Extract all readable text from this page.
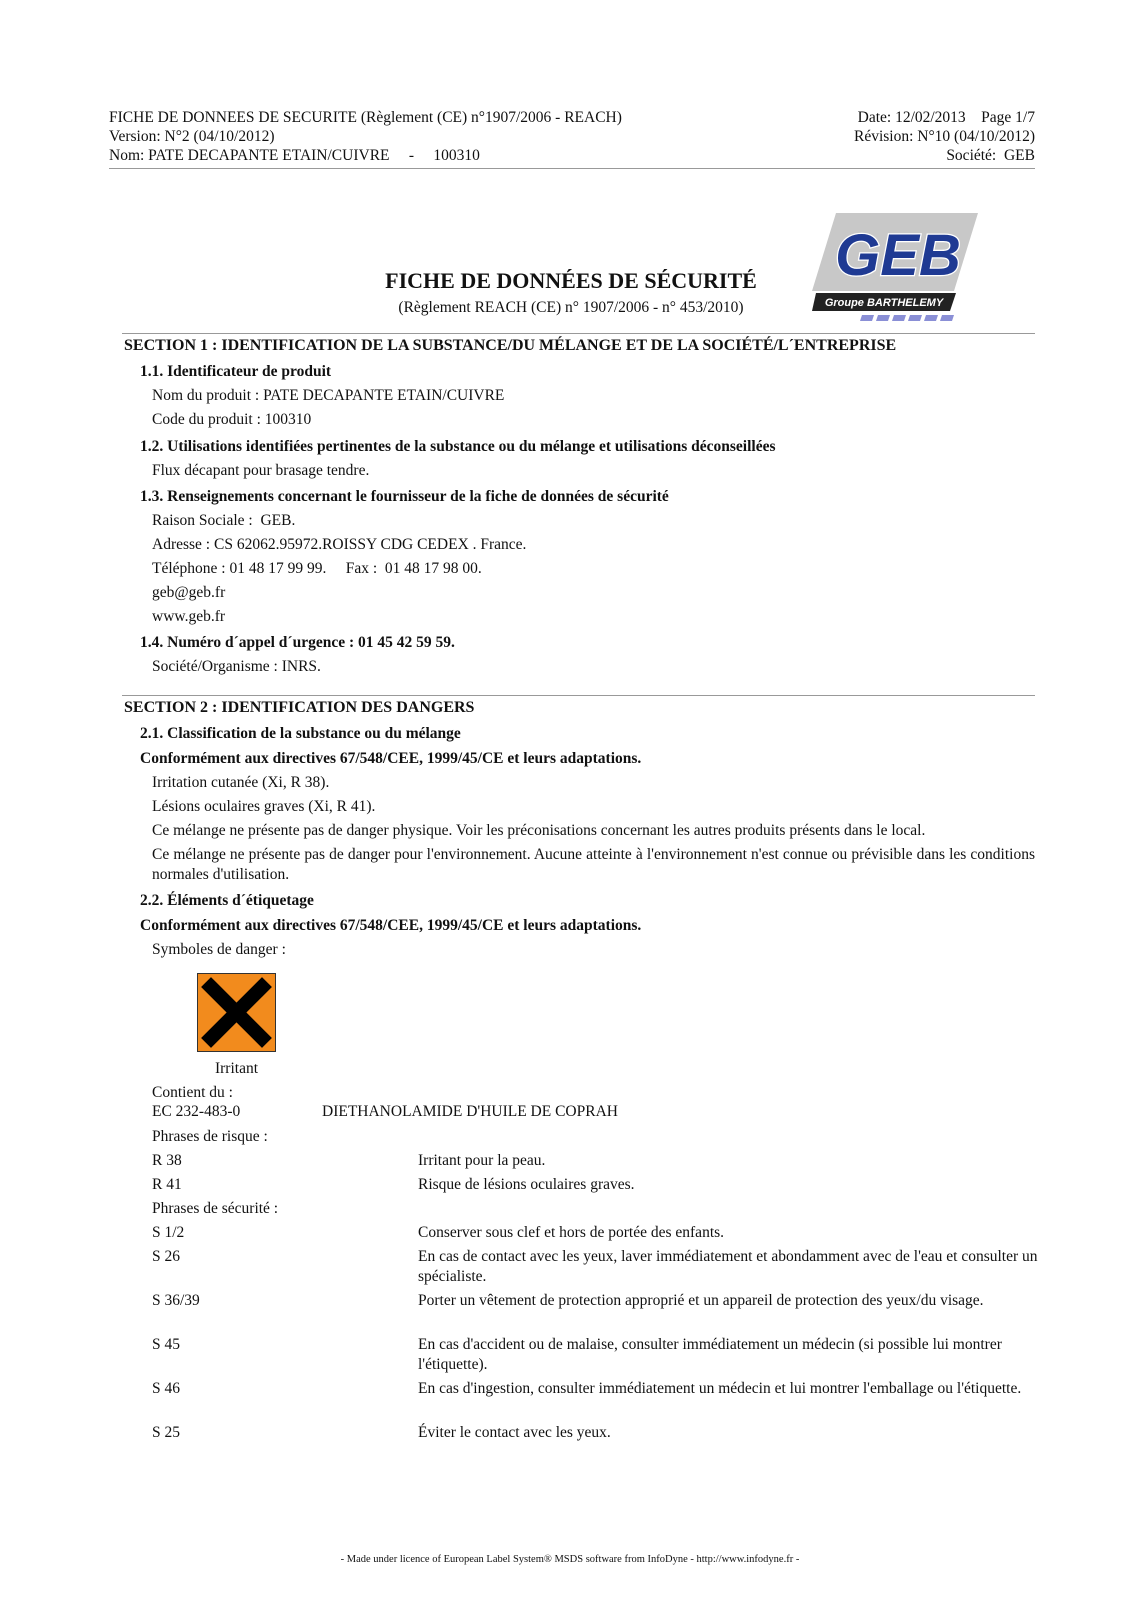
FICHE DE DONNEES DE SECURITE (Règlement (CE) n°1907/2006 - REACH)
Version: N°2 (04/10/2012)
Nom: PATE DECAPANTE ETAIN/CUIVRE     -     100310
Date: 12/02/2013    Page 1/7
Révision: N°10 (04/10/2012)
Société:  GEB
GEB
Groupe BARTHELEMY
FICHE DE DONNÉES DE SÉCURITÉ
(Règlement REACH (CE) n° 1907/2006 - n° 453/2010)
SECTION 1 : IDENTIFICATION DE LA SUBSTANCE/DU MÉLANGE ET DE LA SOCIÉTÉ/L´ENTREPRISE
1.1. Identificateur de produit
Nom du produit : PATE DECAPANTE ETAIN/CUIVRE
Code du produit : 100310
1.2. Utilisations identifiées pertinentes de la substance ou du mélange et utilisations déconseillées
Flux décapant pour brasage tendre.
1.3. Renseignements concernant le fournisseur de la fiche de données de sécurité
Raison Sociale :  GEB.
Adresse : CS 62062.95972.ROISSY CDG CEDEX . France.
Téléphone : 01 48 17 99 99.     Fax :  01 48 17 98 00.
geb@geb.fr
www.geb.fr
1.4. Numéro d´appel d´urgence : 01 45 42 59 59.
Société/Organisme : INRS.
SECTION 2 : IDENTIFICATION DES DANGERS
2.1. Classification de la substance ou du mélange
Conformément aux directives 67/548/CEE, 1999/45/CE et leurs adaptations.
Irritation cutanée (Xi, R 38).
Lésions oculaires graves (Xi, R 41).
Ce mélange ne présente pas de danger physique. Voir les préconisations concernant les autres produits présents dans le local.
Ce mélange ne présente pas de danger pour l'environnement. Aucune atteinte à l'environnement n'est connue ou prévisible dans les conditions normales d'utilisation.
2.2. Éléments d´étiquetage
Conformément aux directives 67/548/CEE, 1999/45/CE et leurs adaptations.
Symboles de danger :
Irritant
Contient du :
EC 232-483-0	DIETHANOLAMIDE D'HUILE DE COPRAH
Phrases de risque :
R 38	Irritant pour la peau.
R 41	Risque de lésions oculaires graves.
Phrases de sécurité :
S 1/2	Conserver sous clef et hors de portée des enfants.
S 26	En cas de contact avec les yeux, laver immédiatement et abondamment avec de l'eau et consulter un spécialiste.
S 36/39	Porter un vêtement de protection approprié et un appareil de protection des yeux/du visage.
S 45	En cas d'accident ou de malaise, consulter immédiatement un médecin (si possible lui montrer l'étiquette).
S 46	En cas d'ingestion, consulter immédiatement un médecin et lui montrer l'emballage ou l'étiquette.
S 25	Éviter le contact avec les yeux.
- Made under licence of European Label System® MSDS software from InfoDyne - http://www.infodyne.fr -
